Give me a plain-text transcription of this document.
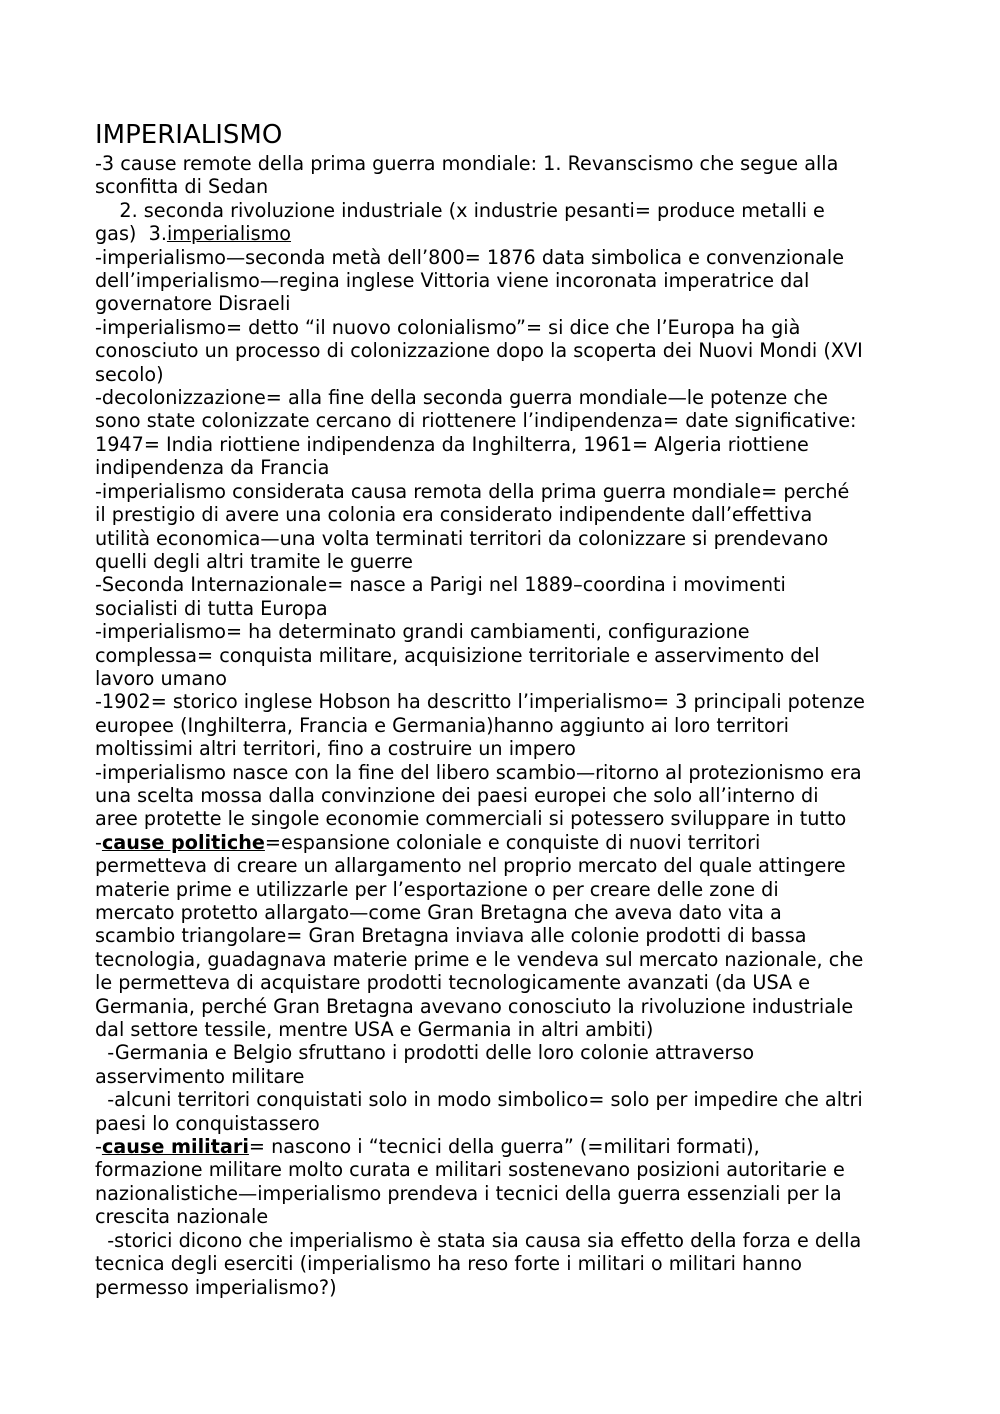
IMPERIALISMO
-3 cause remote della prima guerra mondiale: 1. Revanscismo che segue alla
sconfitta di Sedan
2. seconda rivoluzione industriale (x industrie pesanti= produce metalli e
gas)  3.imperialismo
-imperialismo—seconda metà dell’800= 1876 data simbolica e convenzionale
dell’imperialismo—regina inglese Vittoria viene incoronata imperatrice dal
governatore Disraeli
-imperialismo= detto “il nuovo colonialismo”= si dice che l’Europa ha già
conosciuto un processo di colonizzazione dopo la scoperta dei Nuovi Mondi (XVI
secolo)
-decolonizzazione= alla fine della seconda guerra mondiale—le potenze che
sono state colonizzate cercano di riottenere l’indipendenza= date significative:
1947= India riottiene indipendenza da Inghilterra, 1961= Algeria riottiene
indipendenza da Francia
-imperialismo considerata causa remota della prima guerra mondiale= perché
il prestigio di avere una colonia era considerato indipendente dall’effettiva
utilità economica—una volta terminati territori da colonizzare si prendevano
quelli degli altri tramite le guerre
-Seconda Internazionale= nasce a Parigi nel 1889–coordina i movimenti
socialisti di tutta Europa
-imperialismo= ha determinato grandi cambiamenti, configurazione
complessa= conquista militare, acquisizione territoriale e asservimento del
lavoro umano
-1902= storico inglese Hobson ha descritto l’imperialismo= 3 principali potenze
europee (Inghilterra, Francia e Germania)hanno aggiunto ai loro territori
moltissimi altri territori, fino a costruire un impero
-imperialismo nasce con la fine del libero scambio—ritorno al protezionismo era
una scelta mossa dalla convinzione dei paesi europei che solo all’interno di
aree protette le singole economie commerciali si potessero sviluppare in tutto
-cause politiche=espansione coloniale e conquiste di nuovi territori
permetteva di creare un allargamento nel proprio mercato del quale attingere
materie prime e utilizzarle per l’esportazione o per creare delle zone di
mercato protetto allargato—come Gran Bretagna che aveva dato vita a
scambio triangolare= Gran Bretagna inviava alle colonie prodotti di bassa
tecnologia, guadagnava materie prime e le vendeva sul mercato nazionale, che
le permetteva di acquistare prodotti tecnologicamente avanzati (da USA e
Germania, perché Gran Bretagna avevano conosciuto la rivoluzione industriale
dal settore tessile, mentre USA e Germania in altri ambiti)
-Germania e Belgio sfruttano i prodotti delle loro colonie attraverso
asservimento militare
-alcuni territori conquistati solo in modo simbolico= solo per impedire che altri
paesi lo conquistassero
-cause militari= nascono i “tecnici della guerra” (=militari formati),
formazione militare molto curata e militari sostenevano posizioni autoritarie e
nazionalistiche—imperialismo prendeva i tecnici della guerra essenziali per la
crescita nazionale
-storici dicono che imperialismo è stata sia causa sia effetto della forza e della
tecnica degli eserciti (imperialismo ha reso forte i militari o militari hanno
permesso imperialismo?)
